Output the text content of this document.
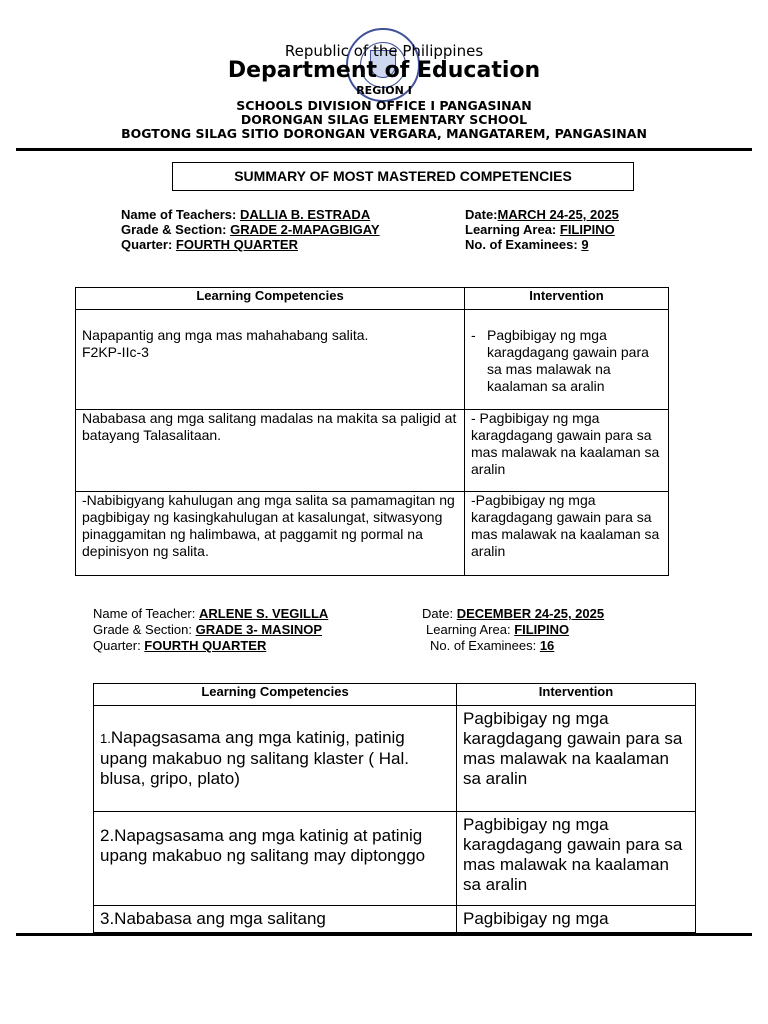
Republic of the Philippines
Department of Education
REGION I
SCHOOLS DIVISION OFFICE I PANGASINAN
DORONGAN SILAG ELEMENTARY SCHOOL
BOGTONG SILAG SITIO DORONGAN VERGARA, MANGATAREM, PANGASINAN
SUMMARY OF MOST MASTERED COMPETENCIES
Name of Teachers: DALLIA B. ESTRADA
Grade & Section: GRADE 2-MAPAGBIGAY
Quarter: FOURTH QUARTER
Date:MARCH 24-25, 2025
Learning Area: FILIPINO
No. of Examinees: 9
Learning Competencies	Intervention
Napapantig ang mga mas mahahabang salita.
F2KP-IIc-3	- Pagbibigay ng mga karagdagang gawain para sa mas malawak na kaalaman sa aralin

Nababasa ang mga salitang madalas na makita sa paligid at batayang Talasalitaan.	- Pagbibigay ng mga karagdagang gawain para sa mas malawak na kaalaman sa aralin
-Nabibigyang kahulugan ang mga salita sa pamamagitan ng pagbibigay ng kasingkahulugan at kasalungat, sitwasyong pinaggamitan ng halimbawa, at paggamit ng pormal na depinisyon ng salita.	-Pagbibigay ng mga karagdagang gawain para sa mas malawak na kaalaman sa aralin
Name of Teacher: ARLENE S. VEGILLA
Grade & Section: GRADE 3- MASINOP
Quarter: FOURTH QUARTER
Date: DECEMBER 24-25, 2025
Learning Area: FILIPINO
No. of Examinees: 16
Learning Competencies	Intervention
1.Napagsasama ang mga katinig, patinig upang makabuo ng salitang klaster ( Hal. blusa, gripo, plato)	Pagbibigay ng mga karagdagang gawain para sa mas malawak na kaalaman sa aralin
2.Napagsasama ang mga katinig at patinig upang makabuo ng salitang may diptonggo	Pagbibigay ng mga karagdagang gawain para sa mas malawak na kaalaman sa aralin
3.Nababasa ang mga salitang	Pagbibigay ng mga
